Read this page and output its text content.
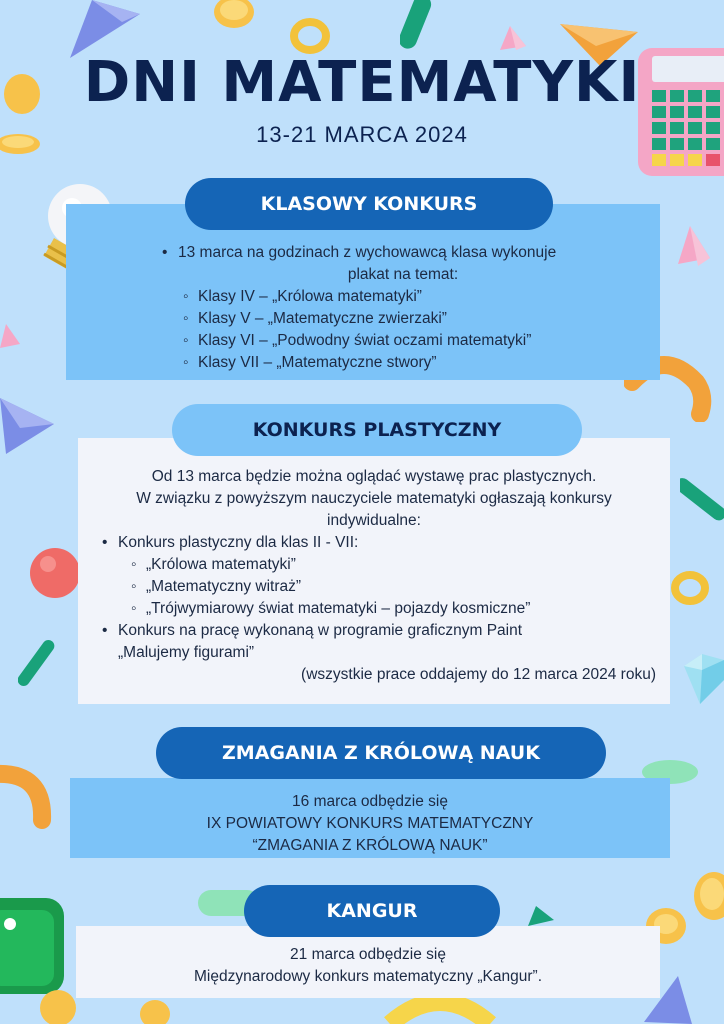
DNI MATEMATYKI
13-21 MARCA 2024
• 13 marca na godzinach z wychowawcą klasa wykonuje
plakat na temat:
◦ Klasy IV – „Królowa matematyki”
◦ Klasy V – „Matematyczne zwierzaki”
◦ Klasy VI – „Podwodny świat oczami matematyki”
◦ Klasy VII – „Matematyczne stwory”
KLASOWY KONKURS
Od 13 marca będzie można oglądać wystawę prac plastycznych.
W związku z powyższym nauczyciele matematyki ogłaszają konkursy
indywidualne:
• Konkurs plastyczny dla klas II - VII:
◦ „Królowa matematyki”
◦ „Matematyczny witraż”
◦ „Trójwymiarowy świat matematyki – pojazdy kosmiczne”
• Konkurs na pracę wykonaną w programie graficznym Paint
„Malujemy figurami”
(wszystkie prace oddajemy do 12 marca 2024 roku)
KONKURS PLASTYCZNY
16 marca odbędzie się
IX POWIATOWY KONKURS MATEMATYCZNY
“ZMAGANIA Z KRÓLOWĄ NAUK”
ZMAGANIA Z KRÓLOWĄ NAUK
21 marca odbędzie się
Międzynarodowy konkurs matematyczny „Kangur”.
KANGUR
